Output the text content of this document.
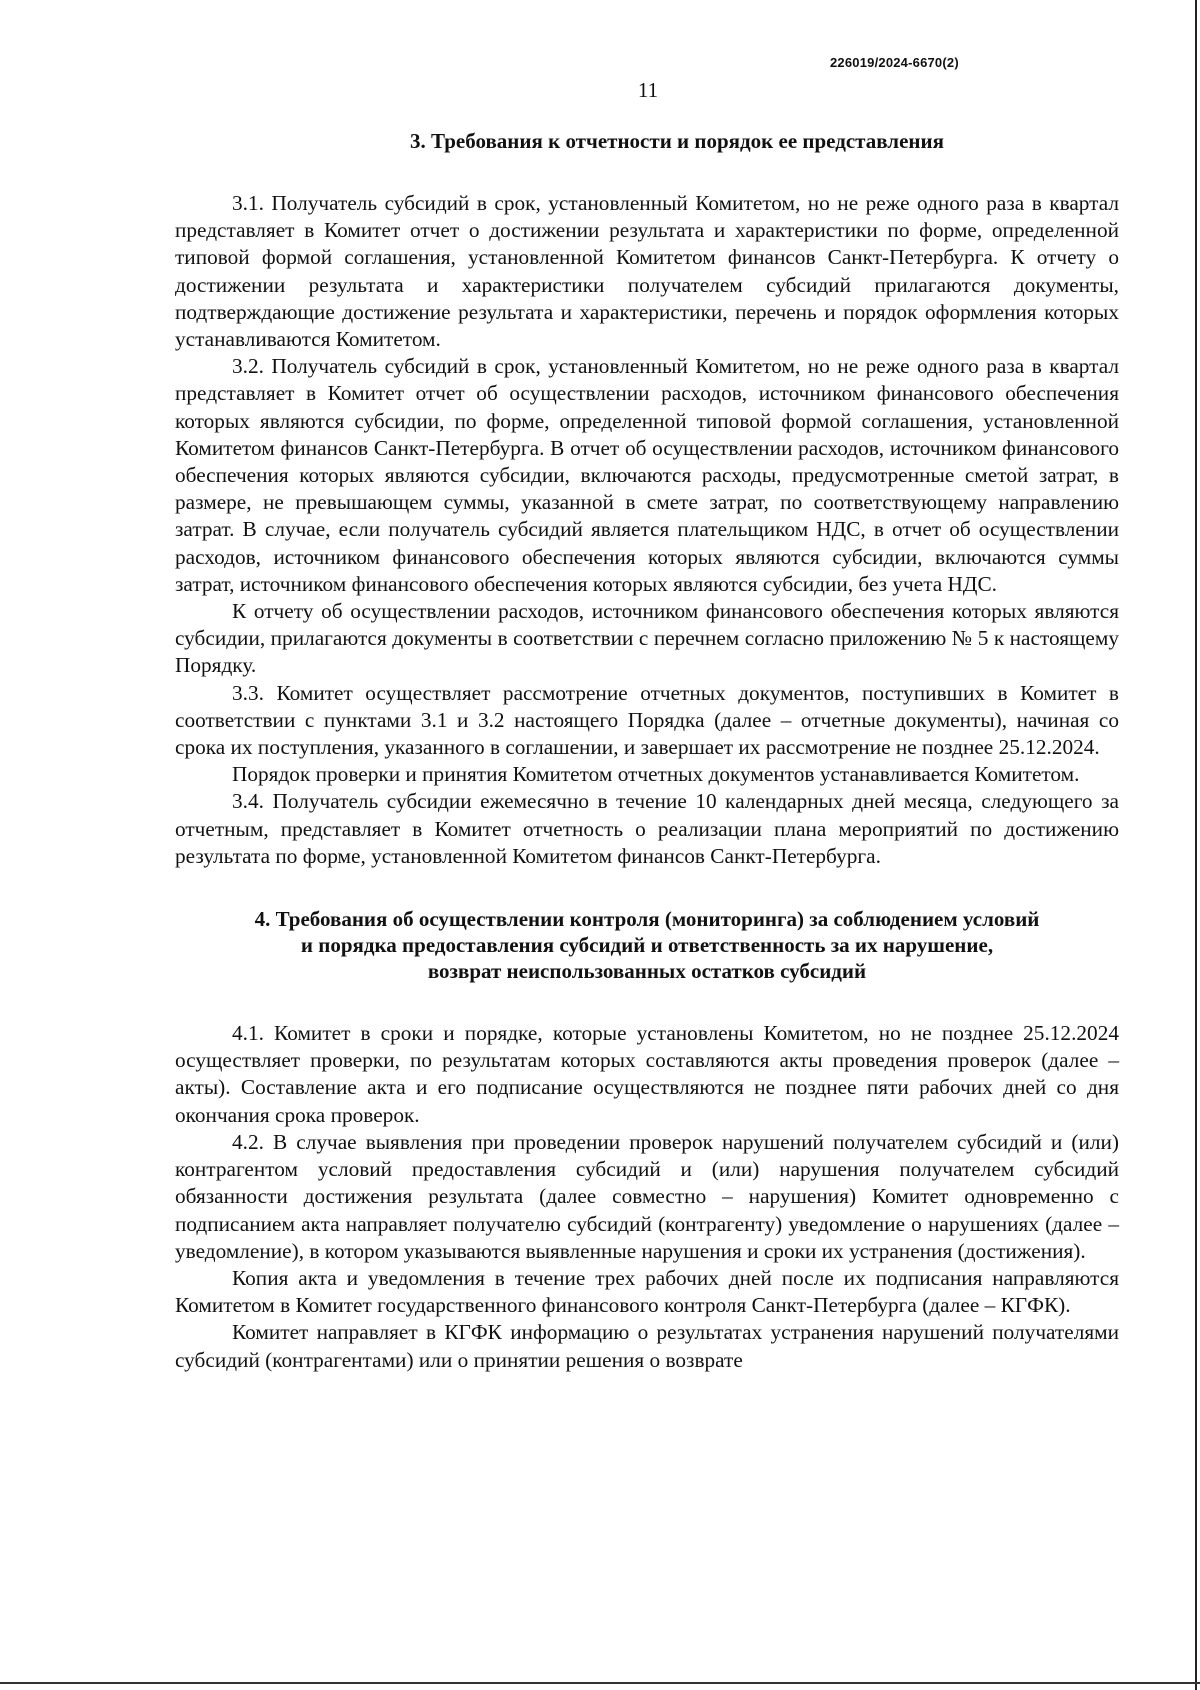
226019/2024-6670(2)
11
3. Требования к отчетности и порядок ее представления

3.1. Получатель субсидий в срок, установленный Комитетом, но не реже одного раза в квартал представляет в Комитет отчет о достижении результата и характеристики по форме, определенной типовой формой соглашения, установленной Комитетом финансов Санкт-Петербурга. К отчету о достижении результата и характеристики получателем субсидий прилагаются документы, подтверждающие достижение результата и характеристики, перечень и порядок оформления которых устанавливаются Комитетом.

3.2. Получатель субсидий в срок, установленный Комитетом, но не реже одного раза в квартал представляет в Комитет отчет об осуществлении расходов, источником финансового обеспечения которых являются субсидии, по форме, определенной типовой формой соглашения, установленной Комитетом финансов Санкт-Петербурга. В отчет об осуществлении расходов, источником финансового обеспечения которых являются субсидии, включаются расходы, предусмотренные сметой затрат, в размере, не превышающем суммы, указанной в смете затрат, по соответствующему направлению затрат. В случае, если получатель субсидий является плательщиком НДС, в отчет об осуществлении расходов, источником финансового обеспечения которых являются субсидии, включаются суммы затрат, источником финансового обеспечения которых являются субсидии, без учета НДС.

К отчету об осуществлении расходов, источником финансового обеспечения которых являются субсидии, прилагаются документы в соответствии с перечнем согласно приложению № 5 к настоящему Порядку.

3.3. Комитет осуществляет рассмотрение отчетных документов, поступивших в Комитет в соответствии с пунктами 3.1 и 3.2 настоящего Порядка (далее – отчетные документы), начиная со срока их поступления, указанного в соглашении, и завершает их рассмотрение не позднее 25.12.2024.

Порядок проверки и принятия Комитетом отчетных документов устанавливается Комитетом.

3.4. Получатель субсидии ежемесячно в течение 10 календарных дней месяца, следующего за отчетным, представляет в Комитет отчетность о реализации плана мероприятий по достижению результата по форме, установленной Комитетом финансов Санкт-Петербурга.

4. Требования об осуществлении контроля (мониторинга) за соблюдением условий
и порядка предоставления субсидий и ответственность за их нарушение,
возврат неиспользованных остатков субсидий

4.1. Комитет в сроки и порядке, которые установлены Комитетом, но не позднее 25.12.2024 осуществляет проверки, по результатам которых составляются акты проведения проверок (далее – акты). Составление акта и его подписание осуществляются не позднее пяти рабочих дней со дня окончания срока проверок.

4.2. В случае выявления при проведении проверок нарушений получателем субсидий и (или) контрагентом условий предоставления субсидий и (или) нарушения получателем субсидий обязанности достижения результата (далее совместно – нарушения) Комитет одновременно с подписанием акта направляет получателю субсидий (контрагенту) уведомление о нарушениях (далее – уведомление), в котором указываются выявленные нарушения и сроки их устранения (достижения).

Копия акта и уведомления в течение трех рабочих дней после их подписания направляются Комитетом в Комитет государственного финансового контроля Санкт-Петербурга (далее – КГФК).

Комитет направляет в КГФК информацию о результатах устранения нарушений получателями субсидий (контрагентами) или о принятии решения о возврате
